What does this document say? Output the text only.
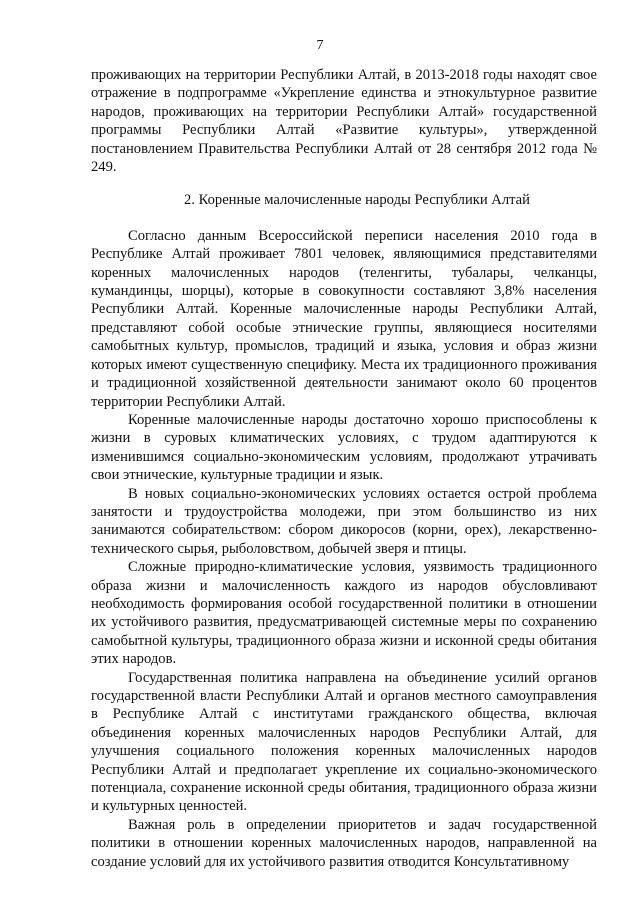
7

проживающих на территории Республики Алтай, в 2013-2018 годы находят свое отражение в подпрограмме «Укрепление единства и этнокультурное развитие народов, проживающих на территории Республики Алтай» государственной программы Республики Алтай «Развитие культуры», утвержденной постановлением Правительства Республики Алтай от 28 сентября 2012 года № 249.

2. Коренные малочисленные народы Республики Алтай

Согласно данным Всероссийской переписи населения 2010 года в Республике Алтай проживает 7801 человек, являющимися представителями коренных малочисленных народов (теленгиты, тубалары, челканцы, кумандинцы, шорцы), которые в совокупности составляют 3,8% населения Республики Алтай. Коренные малочисленные народы Республики Алтай, представляют собой особые этнические группы, являющиеся носителями самобытных культур, промыслов, традиций и языка, условия и образ жизни которых имеют существенную специфику. Места их традиционного проживания и традиционной хозяйственной деятельности занимают около 60 процентов территории Республики Алтай.

Коренные малочисленные народы достаточно хорошо приспособлены к жизни в суровых климатических условиях, с трудом адаптируются к изменившимся социально-экономическим условиям, продолжают утрачивать свои этнические, культурные традиции и язык.

В новых социально-экономических условиях остается острой проблема занятости и трудоустройства молодежи, при этом большинство из них занимаются собирательством: сбором дикоросов (корни, орех), лекарственно-технического сырья, рыболовством, добычей зверя и птицы.

Сложные природно-климатические условия, уязвимость традиционного образа жизни и малочисленность каждого из народов обусловливают необходимость формирования особой государственной политики в отношении их устойчивого развития, предусматривающей системные меры по сохранению самобытной культуры, традиционного образа жизни и исконной среды обитания этих народов.

Государственная политика направлена на объединение усилий органов государственной власти Республики Алтай и органов местного самоуправления в Республике Алтай с институтами гражданского общества, включая объединения коренных малочисленных народов Республики Алтай, для улучшения социального положения коренных малочисленных народов Республики Алтай и предполагает укрепление их социально-экономического потенциала, сохранение исконной среды обитания, традиционного образа жизни и культурных ценностей.

Важная роль в определении приоритетов и задач государственной политики в отношении коренных малочисленных народов, направленной на создание условий для их устойчивого развития отводится Консультативному
